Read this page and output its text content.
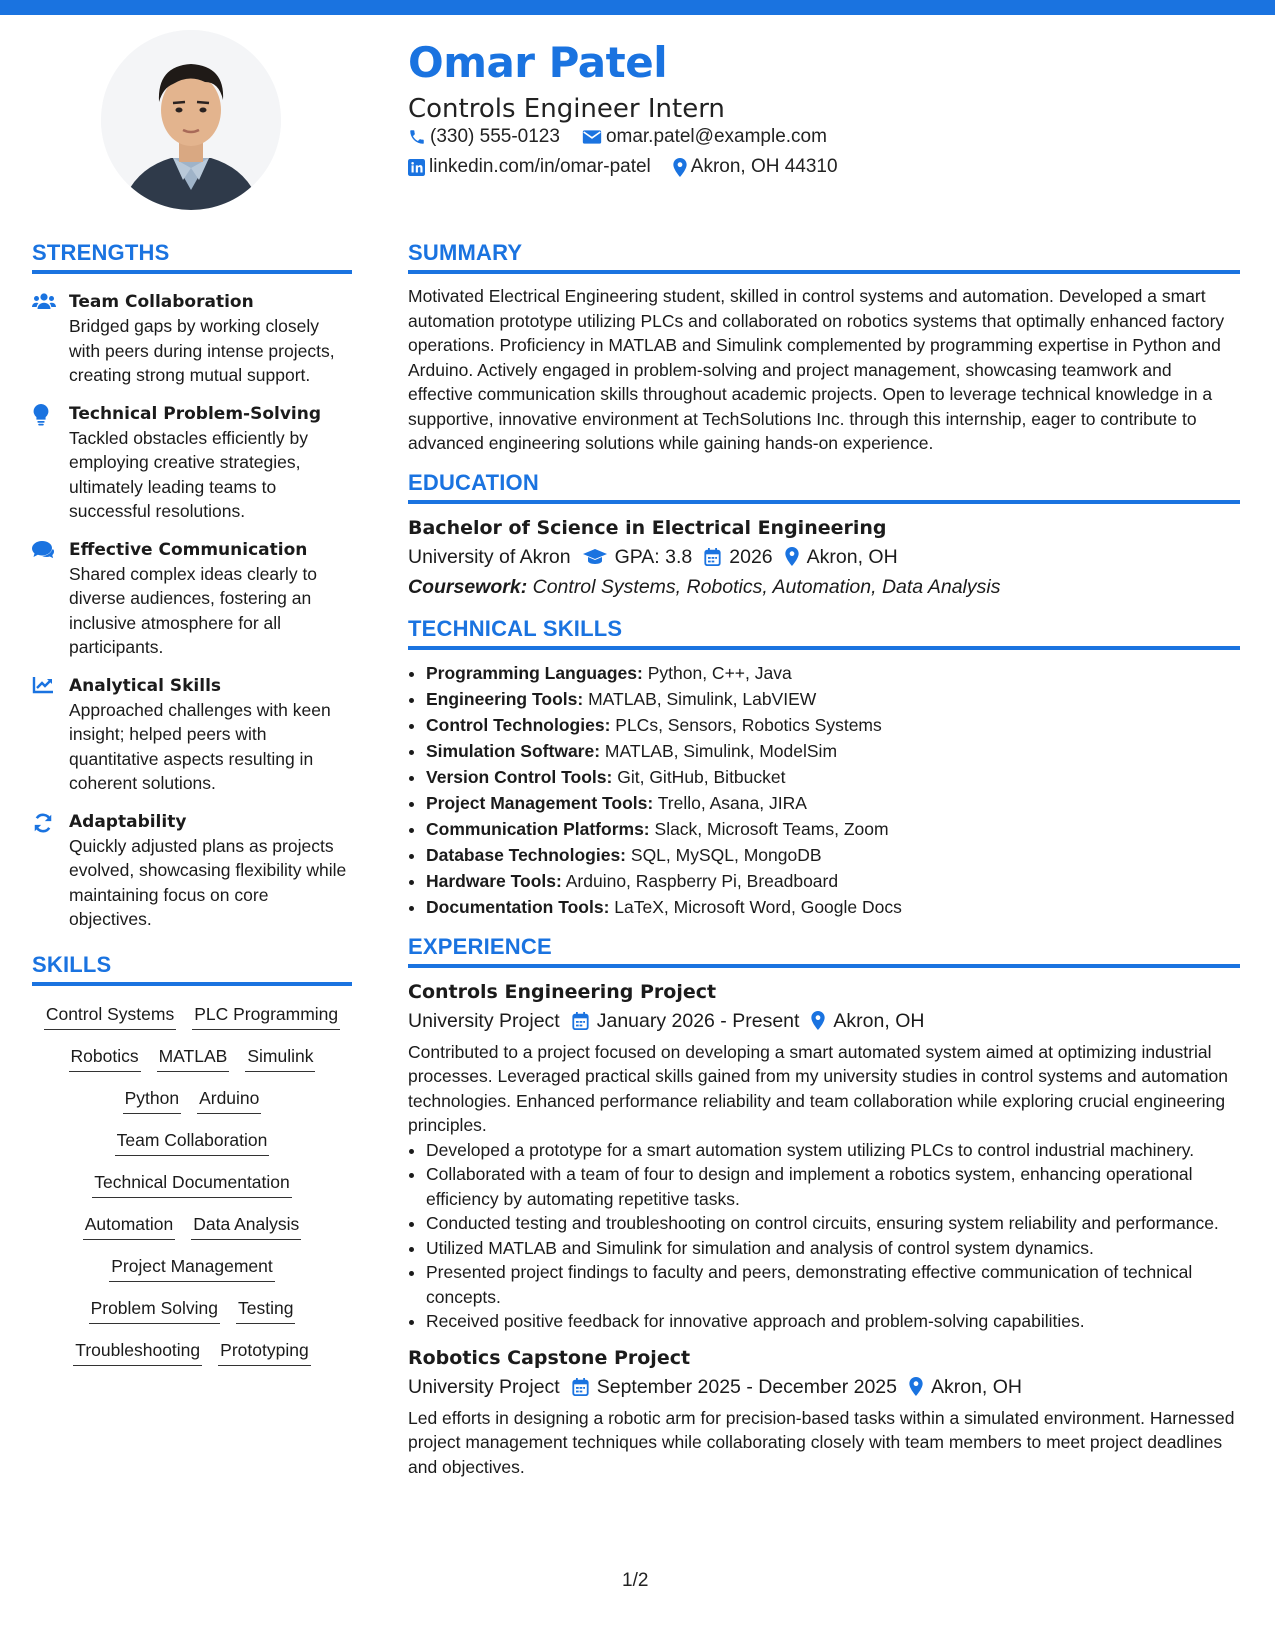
Omar Patel
Controls Engineer Intern
(330) 555-0123 omar.patel@example.com
linkedin.com/in/omar-patel Akron, OH 44310
STRENGTHS
Team Collaboration
Bridged gaps by working closely with peers during intense projects, creating strong mutual support.
Technical Problem-Solving
Tackled obstacles efficiently by employing creative strategies, ultimately leading teams to successful resolutions.
Effective Communication
Shared complex ideas clearly to diverse audiences, fostering an inclusive atmosphere for all participants.
Analytical Skills
Approached challenges with keen insight; helped peers with quantitative aspects resulting in coherent solutions.
Adaptability
Quickly adjusted plans as projects evolved, showcasing flexibility while maintaining focus on core objectives.
SKILLS
Control Systems PLC Programming
Robotics MATLAB Simulink
Python Arduino
Team Collaboration
Technical Documentation
Automation Data Analysis
Project Management
Problem Solving Testing
Troubleshooting Prototyping
SUMMARY

Motivated Electrical Engineering student, skilled in control systems and automation. Developed a smart automation prototype utilizing PLCs and collaborated on robotics systems that optimally enhanced factory operations. Proficiency in MATLAB and Simulink complemented by programming expertise in Python and Arduino. Actively engaged in problem-solving and project management, showcasing teamwork and effective communication skills throughout academic projects. Open to leverage technical knowledge in a supportive, innovative environment at TechSolutions Inc. through this internship, eager to contribute to advanced engineering solutions while gaining hands-on experience.

EDUCATION
Bachelor of Science in Electrical Engineering
University of Akron GPA: 3.8 2026 Akron, OH
Coursework: Control Systems, Robotics, Automation, Data Analysis
TECHNICAL SKILLS
• Programming Languages: Python, C++, Java
• Engineering Tools: MATLAB, Simulink, LabVIEW
• Control Technologies: PLCs, Sensors, Robotics Systems
• Simulation Software: MATLAB, Simulink, ModelSim
• Version Control Tools: Git, GitHub, Bitbucket
• Project Management Tools: Trello, Asana, JIRA
• Communication Platforms: Slack, Microsoft Teams, Zoom
• Database Technologies: SQL, MySQL, MongoDB
• Hardware Tools: Arduino, Raspberry Pi, Breadboard
• Documentation Tools: LaTeX, Microsoft Word, Google Docs
EXPERIENCE
Controls Engineering Project
University Project January 2026 - Present Akron, OH

Contributed to a project focused on developing a smart automated system aimed at optimizing industrial processes. Leveraged practical skills gained from my university studies in control systems and automation technologies. Enhanced performance reliability and team collaboration while exploring crucial engineering principles.

• Developed a prototype for a smart automation system utilizing PLCs to control industrial machinery.
• Collaborated with a team of four to design and implement a robotics system, enhancing operational efficiency by automating repetitive tasks.
• Conducted testing and troubleshooting on control circuits, ensuring system reliability and performance.
• Utilized MATLAB and Simulink for simulation and analysis of control system dynamics.
• Presented project findings to faculty and peers, demonstrating effective communication of technical concepts.
• Received positive feedback for innovative approach and problem-solving capabilities.
Robotics Capstone Project
University Project September 2025 - December 2025 Akron, OH

Led efforts in designing a robotic arm for precision-based tasks within a simulated environment. Harnessed project management techniques while collaborating closely with team members to meet project deadlines and objectives.

1/2
